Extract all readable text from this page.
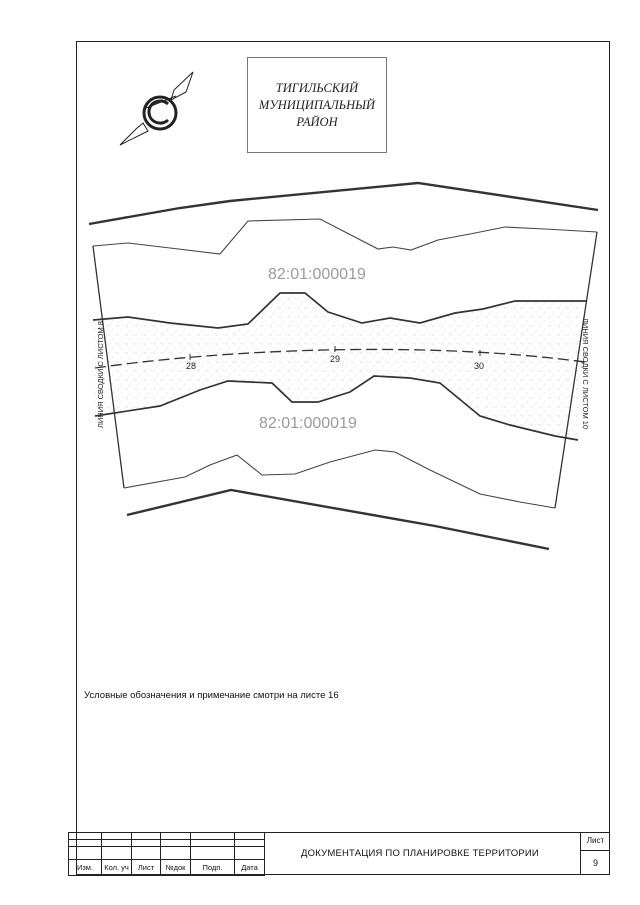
ТИГИЛЬСКИЙ
МУНИЦИПАЛЬНЫЙ
РАЙОН
28
29
30
82:01:000019
82:01:000019
ЛИНИЯ СВОДКИ С ЛИСТОМ 8	ЛИНИЯ СВОДКИ С ЛИСТОМ 10
Условные обозначения и примечание смотри на листе 16

Изм.	Кол. уч	Лист	№док	Подп.	Дата
ДОКУМЕНТАЦИЯ ПО ПЛАНИРОВКЕ ТЕРРИТОРИИ
Лист
9
